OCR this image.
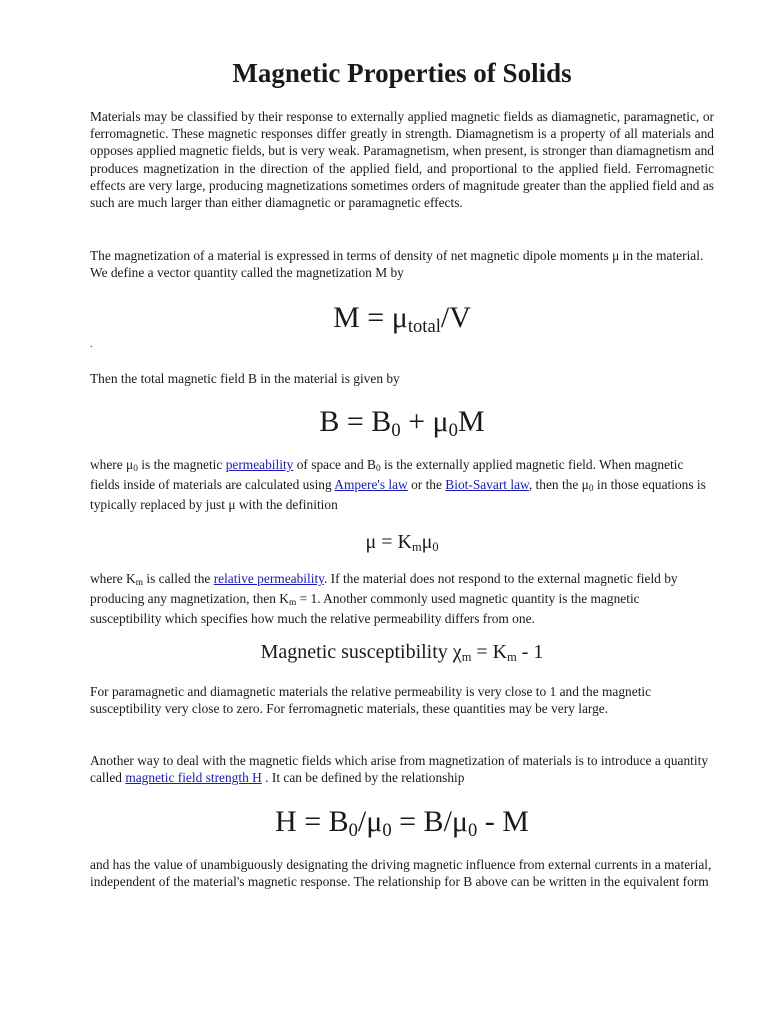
Magnetic Properties of Solids

Materials may be classified by their response to externally applied magnetic fields as diamagnetic, paramagnetic, or ferromagnetic. These magnetic responses differ greatly in strength. Diamagnetism is a property of all materials and opposes applied magnetic fields, but is very weak. Paramagnetism, when present, is stronger than diamagnetism and produces magnetization in the direction of the applied field, and proportional to the applied field. Ferromagnetic effects are very large, producing magnetizations sometimes orders of magnitude greater than the applied field and as such are much larger than either diamagnetic or paramagnetic effects.

The magnetization of a material is expressed in terms of density of net magnetic dipole moments μ in the material. We define a vector quantity called the magnetization M by

$M = \mu_{total}/V$
.

Then the total magnetic field B in the material is given by

$B = B_0 + \mu_0M$

where $\mu_0$ is the magnetic permeability of space and $B_0$ is the externally applied magnetic field. When magnetic fields inside of materials are calculated using Ampere's law or the Biot-Savart law, then the $\mu_0$ in those equations is typically replaced by just μ with the definition

$\mu = K_m\mu_0$

where $K_m$ is called the relative permeability. If the material does not respond to the external magnetic field by producing any magnetization, then $K_m = 1$. Another commonly used magnetic quantity is the magnetic susceptibility which specifies how much the relative permeability differs from one.

Magnetic susceptibility $\chi_m = K_m - 1$

For paramagnetic and diamagnetic materials the relative permeability is very close to 1 and the magnetic susceptibility very close to zero. For ferromagnetic materials, these quantities may be very large.

Another way to deal with the magnetic fields which arise from magnetization of materials is to introduce a quantity called magnetic field strength H . It can be defined by the relationship

$H = B_0/\mu_0 = B/\mu_0 - M$

and has the value of unambiguously designating the driving magnetic influence from external currents in a material, independent of the material's magnetic response. The relationship for B above can be written in the equivalent form
